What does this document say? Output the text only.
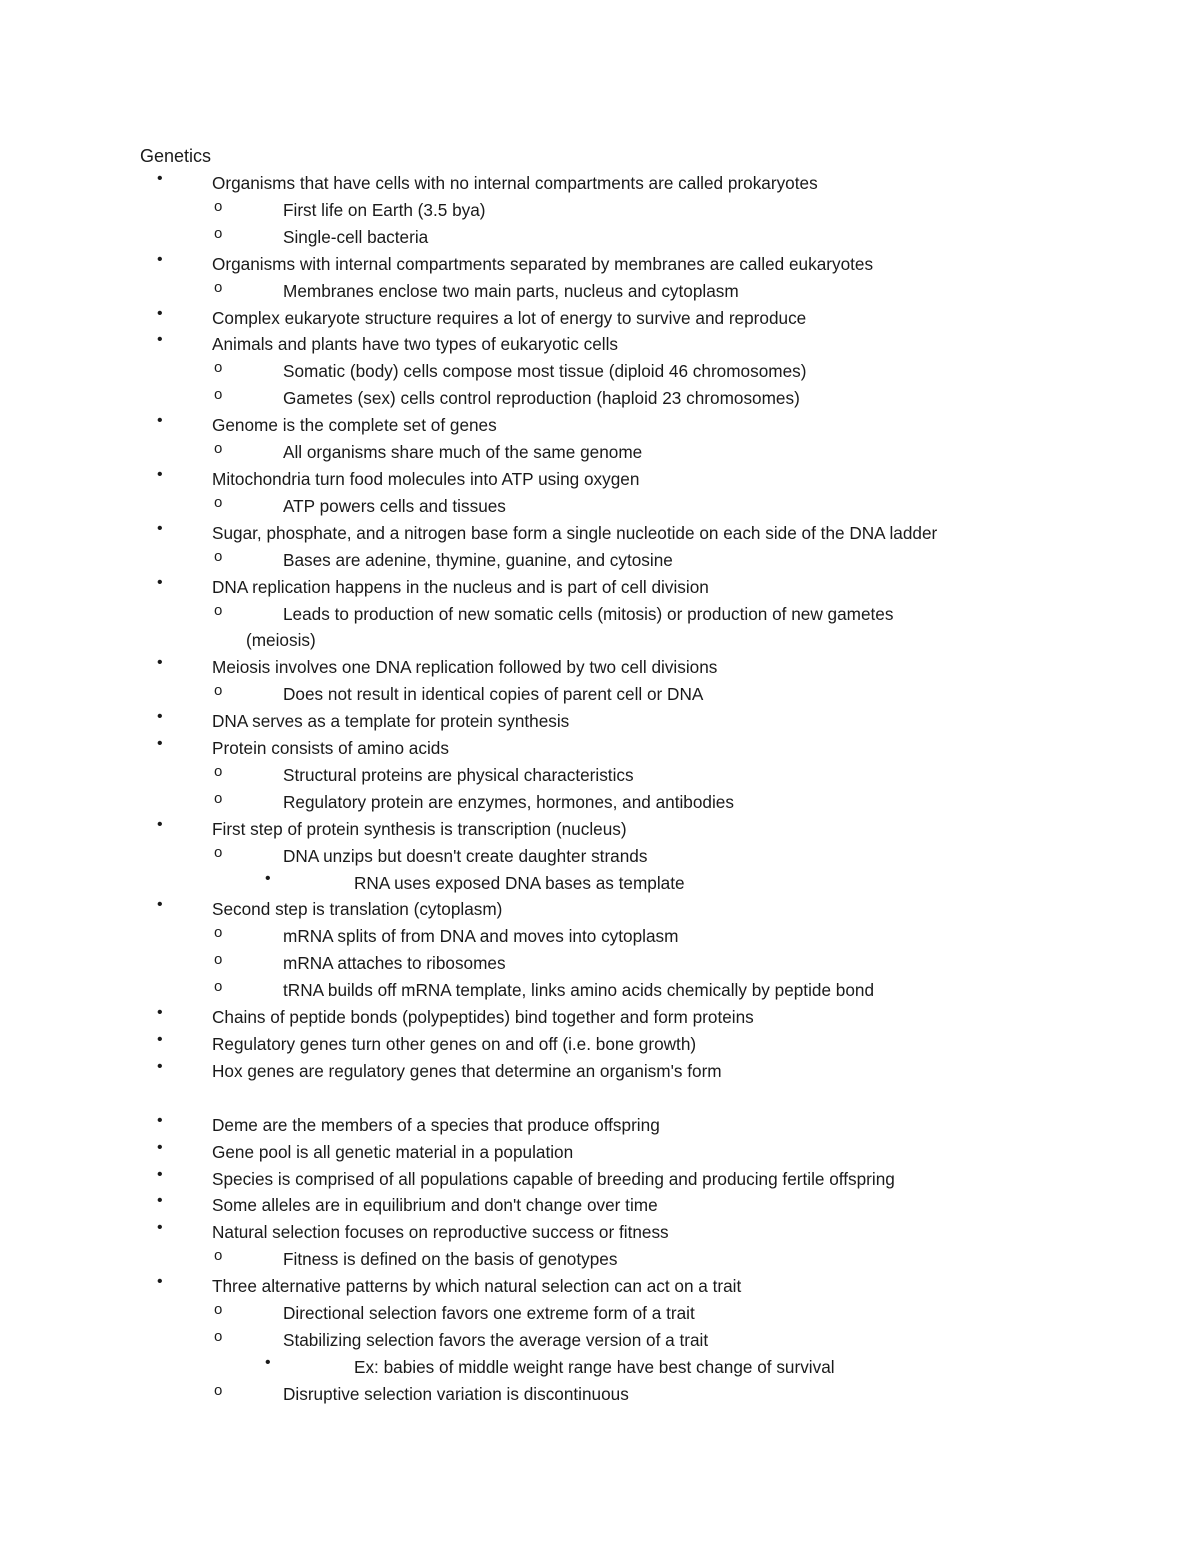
Genetics
•	Organisms that have cells with no internal compartments are called prokaryotes
o	First life on Earth (3.5 bya)
o	Single-cell bacteria
•	Organisms with internal compartments separated by membranes are called eukaryotes
o	Membranes enclose two main parts, nucleus and cytoplasm
•	Complex eukaryote structure requires a lot of energy to survive and reproduce
•	Animals and plants have two types of eukaryotic cells
o	Somatic (body) cells compose most tissue (diploid 46 chromosomes)
o	Gametes (sex) cells control reproduction (haploid 23 chromosomes)
•	Genome is the complete set of genes
o	All organisms share much of the same genome
•	Mitochondria turn food molecules into ATP using oxygen
o	ATP powers cells and tissues
•	Sugar, phosphate, and a nitrogen base form a single nucleotide on each side of the DNA ladder
o	Bases are adenine, thymine, guanine, and cytosine
•	DNA replication happens in the nucleus and is part of cell division
o	Leads to production of new somatic cells (mitosis) or production of new gametes
(meiosis)
•	Meiosis involves one DNA replication followed by two cell divisions
o	Does not result in identical copies of parent cell or DNA
•	DNA serves as a template for protein synthesis
•	Protein consists of amino acids
o	Structural proteins are physical characteristics
o	Regulatory protein are enzymes, hormones, and antibodies
•	First step of protein synthesis is transcription (nucleus)
o	DNA unzips but doesn't create daughter strands
•	RNA uses exposed DNA bases as template
•	Second step is translation (cytoplasm)
o	mRNA splits of from DNA and moves into cytoplasm
o	mRNA attaches to ribosomes
o	tRNA builds off mRNA template, links amino acids chemically by peptide bond
•	Chains of peptide bonds (polypeptides) bind together and form proteins
•	Regulatory genes turn other genes on and off (i.e. bone growth)
•	Hox genes are regulatory genes that determine an organism's form
•	Deme are the members of a species that produce offspring
•	Gene pool is all genetic material in a population
•	Species is comprised of all populations capable of breeding and producing fertile offspring
•	Some alleles are in equilibrium and don't change over time
•	Natural selection focuses on reproductive success or fitness
o	Fitness is defined on the basis of genotypes
•	Three alternative patterns by which natural selection can act on a trait
o	Directional selection favors one extreme form of a trait
o	Stabilizing selection favors the average version of a trait
•	Ex: babies of middle weight range have best change of survival
o	Disruptive selection variation is discontinuous
